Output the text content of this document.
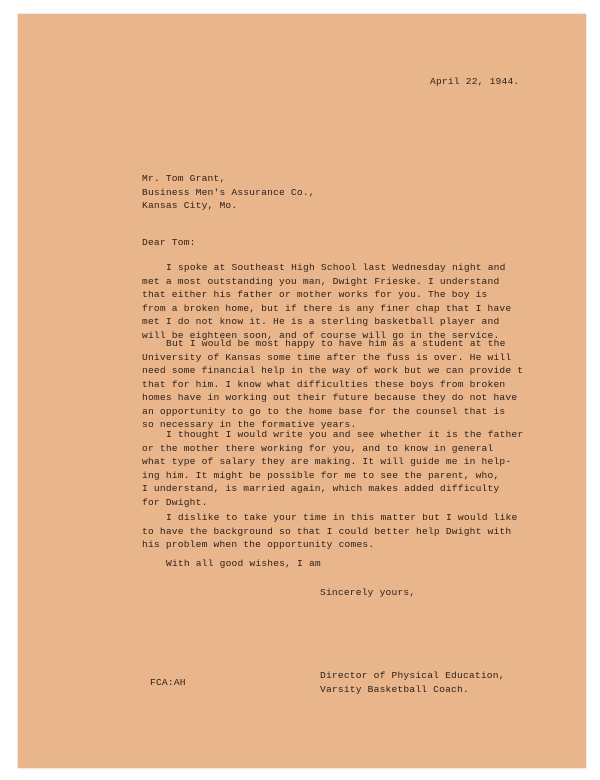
April 22, 1944.
Mr. Tom Grant,
Business Men's Assurance Co.,
Kansas City, Mo.
Dear Tom:
I spoke at Southeast High School last Wednesday night and
met a most outstanding you man, Dwight Frieske. I understand
that either his father or mother works for you. The boy is
from a broken home, but if there is any finer chap that I have
met I do not know it. He is a sterling basketball player and
will be eighteen soon, and of course will go in the service.
But I would be most happy to have him as a student at the
University of Kansas some time after the fuss is over. He will
need some financial help in the way of work but we can provide t
that for him. I know what difficulties these boys from broken
homes have in working out their future because they do not have
an opportunity to go to the home base for the counsel that is
so necessary in the formative years.
I thought I would write you and see whether it is the father
or the mother there working for you, and to know in general
what type of salary they are making. It will guide me in help-
ing him. It might be possible for me to see the parent, who,
I understand, is married again, which makes added difficulty
for Dwight.
I dislike to take your time in this matter but I would like
to have the background so that I could better help Dwight with
his problem when the opportunity comes.
With all good wishes, I am
Sincerely yours,
Director of Physical Education,
Varsity Basketball Coach.
FCA:AH
